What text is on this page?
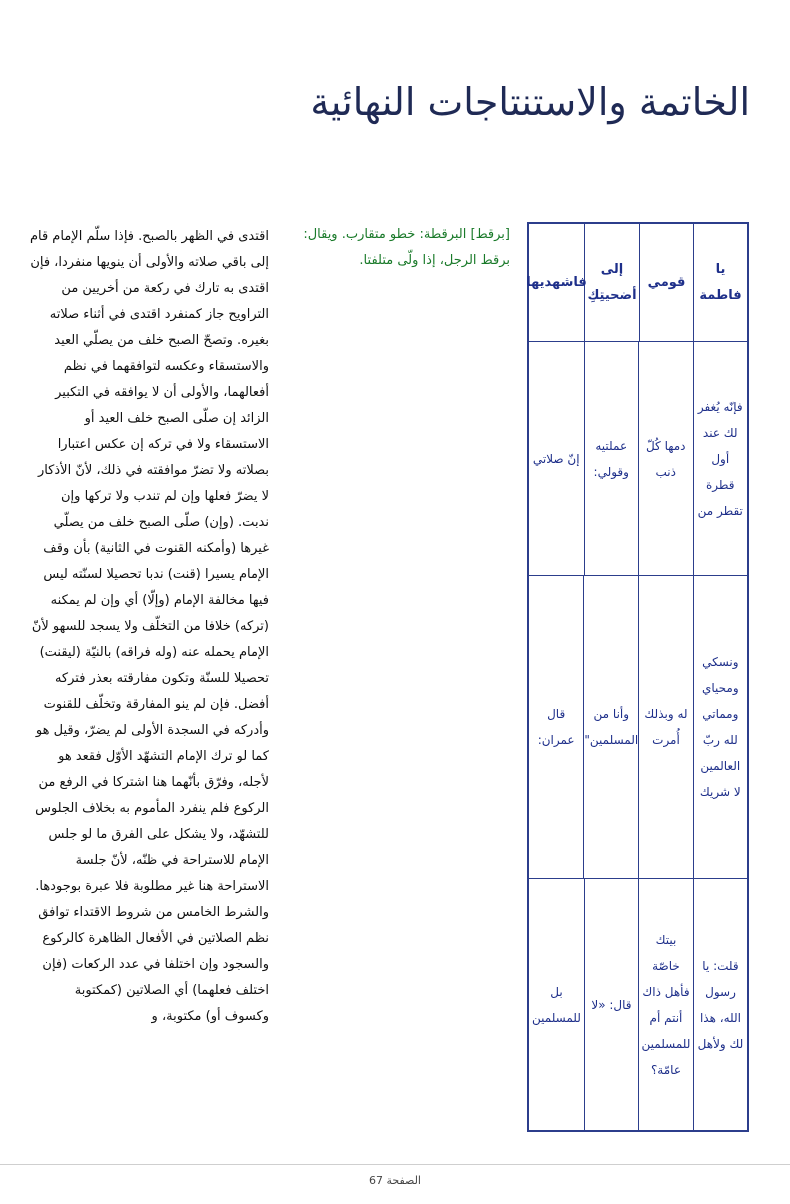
الخاتمة والاستنتاجات النهائية
يا فاطمة
قومي
إلى أضحيتِكِ
فاشهديها
فإنّه يُغفر لك عند أول قطرة تقطر من
دمها كُلّ ذنب
عملتيه وقولي:
إنّ صلاتي
ونسكي ومحياي ومماتي لله ربّ العالمين لا شريك
له وبذلك أُمرت
وأنا من المسلمين"
قال عمران:
قلت: يا رسول الله، هذا لك ولأهل
بيتك خاصّة فأهل ذاك أنتم أم للمسلمين عامّة؟
قال: «لا
بل للمسلمين
[برقط] البرقطة: خطو متقارب. ويقال: برقط الرجل، إذا ولّى متلفتا.
اقتدى في الظهر بالصبح. فإذا سلّم الإمام قام إلى باقي صلاته والأولى أن ينويها منفردا، فإن اقتدى به تارك في ركعة من أخريين من التراويح جاز كمنفرد اقتدى في أثناء صلاته بغيره. وتصحّ الصبح خلف من يصلّي العيد والاستسقاء وعكسه لتوافقهما في نظم أفعالهما، والأولى أن لا يوافقه في التكبير الزائد إن صلّى الصبح خلف العيد أو الاستسقاء ولا في تركه إن عكس اعتبارا بصلاته ولا تضرّ موافقته في ذلك، لأنّ الأذكار لا يضرّ فعلها وإن لم تندب ولا تركها وإن ندبت. (وإن) صلّى الصبح خلف من يصلّي غيرها (وأمكنه القنوت في الثانية) بأن وقف الإمام يسيرا (قنت) ندبا تحصيلا لسنّته ليس فيها مخالفة الإمام (وإلّا) أي وإن لم يمكنه (تركه) خلافا من التخلّف ولا يسجد للسهو لأنّ الإمام يحمله عنه (وله فراقه) بالنيّة (ليقنت) تحصيلا للسنّة وتكون مفارقته بعذر فتركه أفضل. فإن لم ينو المفارقة وتخلّف للقنوت وأدركه في السجدة الأولى لم يضرّ، وقيل هو كما لو ترك الإمام التشهّد الأوّل فقعد هو لأجله، وفرّق بأنّهما هنا اشتركا في الرفع من الركوع فلم ينفرد المأموم به بخلاف الجلوس للتشهّد، ولا يشكل على الفرق ما لو جلس الإمام للاستراحة في ظنّه، لأنّ جلسة الاستراحة هنا غير مطلوبة فلا عبرة بوجودها. والشرط الخامس من شروط الاقتداء توافق نظم الصلاتين في الأفعال الظاهرة كالركوع والسجود وإن اختلفا في عدد الركعات (فإن اختلف فعلهما) أي الصلاتين (كمكتوبة وكسوف أو) مكتوبة، و
الصفحة 67
